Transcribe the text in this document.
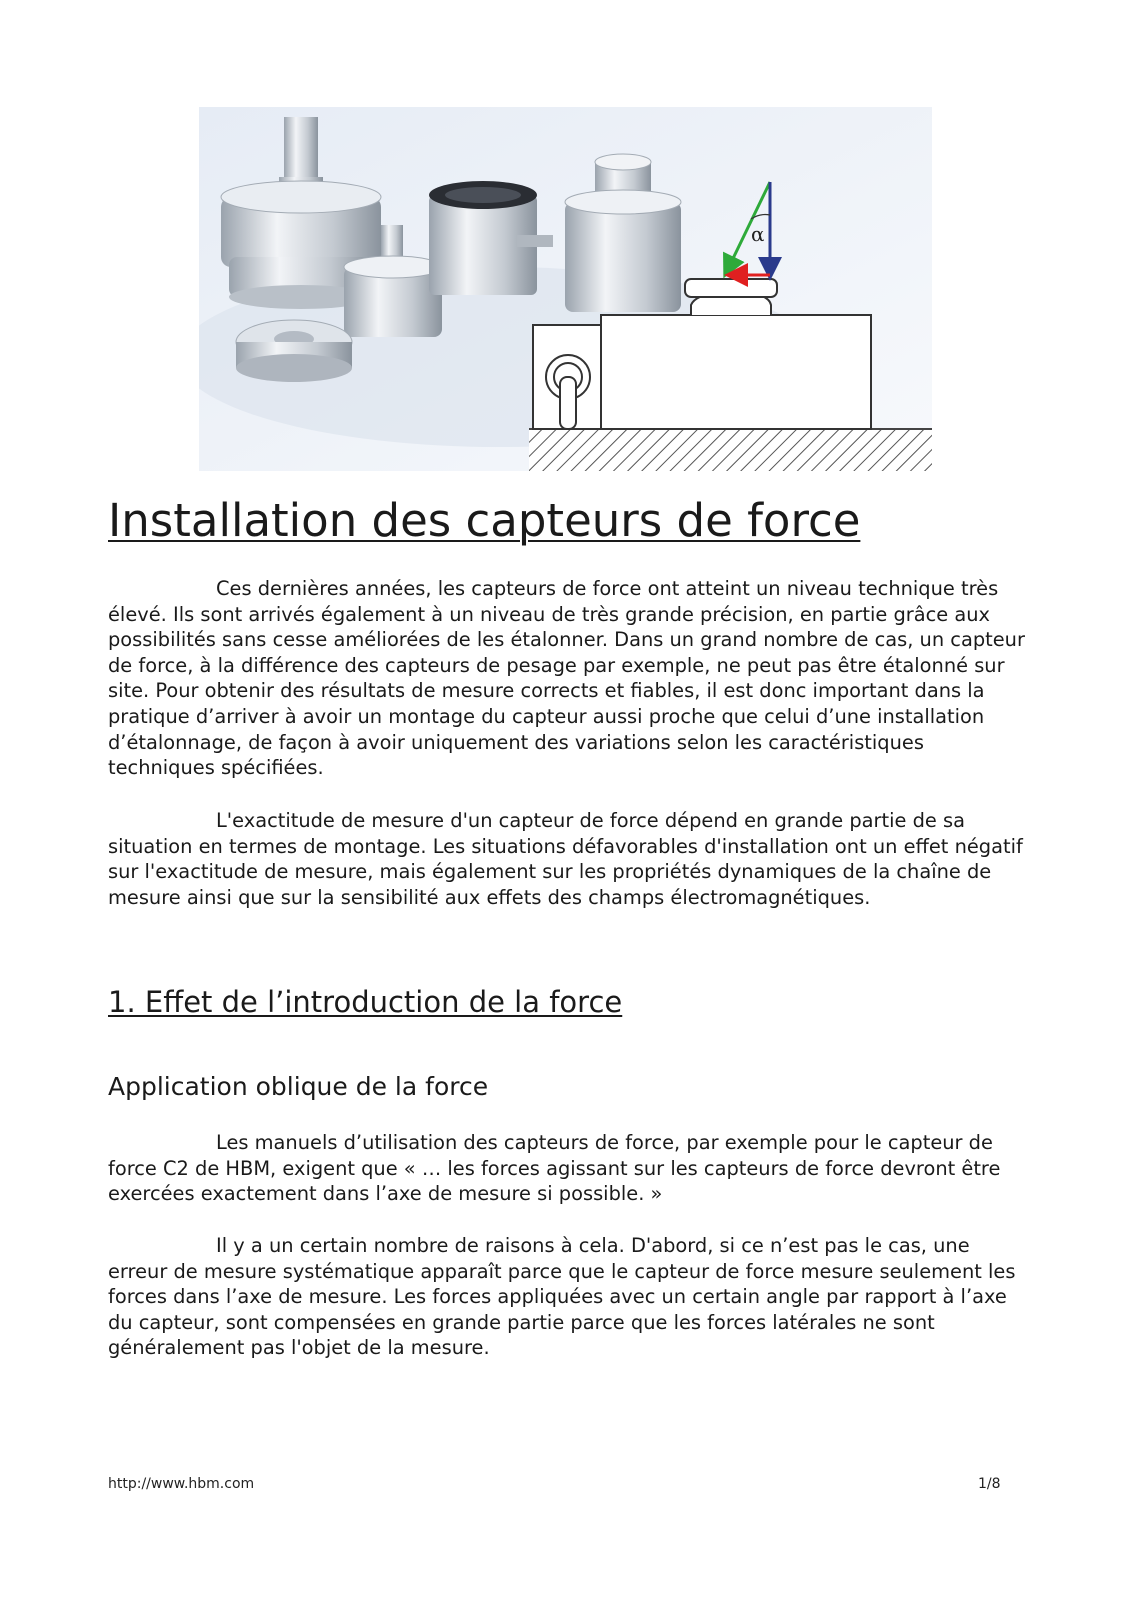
α
Installation des capteurs de force

Ces dernières années, les capteurs de force ont atteint un niveau technique très élevé. Ils sont arrivés également à un niveau de très grande précision, en partie grâce aux possibilités sans cesse améliorées de les étalonner. Dans un grand nombre de cas, un capteur de force, à la différence des capteurs de pesage par exemple, ne peut pas être étalonné sur site. Pour obtenir des résultats de mesure corrects et fiables, il est donc important dans la pratique d’arriver à avoir un montage du capteur aussi proche que celui d’une installation d’étalonnage, de façon à avoir uniquement des variations selon les caractéristiques techniques spécifiées.

L'exactitude de mesure d'un capteur de force dépend en grande partie de sa situation en termes de montage. Les situations défavorables d'installation ont un effet négatif sur l'exactitude de mesure, mais également sur les propriétés dynamiques de la chaîne de mesure ainsi que sur la sensibilité aux effets des champs électromagnétiques.

1. Effet de l’introduction de la force
Application oblique de la force

Les manuels d’utilisation des capteurs de force, par exemple pour le capteur de force C2 de HBM, exigent que « … les forces agissant sur les capteurs de force devront être exercées exactement dans l’axe de mesure si possible. »

Il y a un certain nombre de raisons à cela. D'abord, si ce n’est pas le cas, une erreur de mesure systématique apparaît parce que le capteur de force mesure seulement les forces dans l’axe de mesure. Les forces appliquées avec un certain angle par rapport à l’axe du capteur, sont compensées en grande partie parce que les forces latérales ne sont généralement pas l'objet de la mesure.

http://www.hbm.com	1/8
